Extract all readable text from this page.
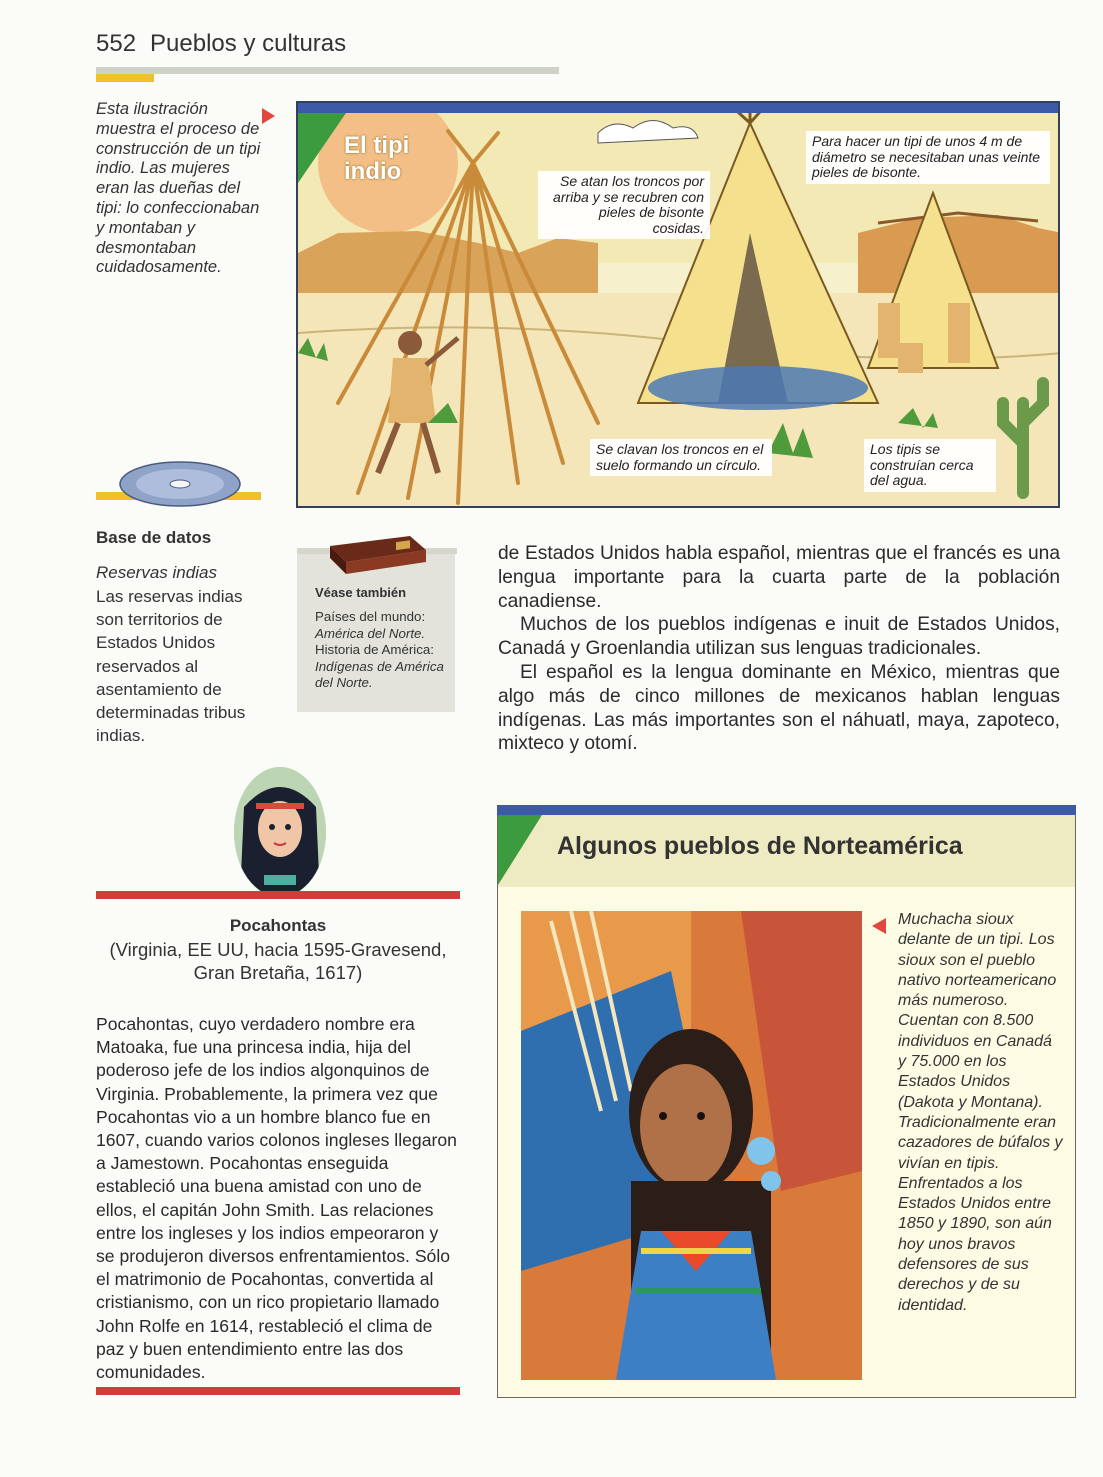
552 Pueblos y culturas
Esta ilustración muestra el proceso de construcción de un tipi indio. Las mujeres eran las dueñas del tipi: lo confeccionaban y montaban y desmontaban cuidadosamente.
El tipi
indio	Se atan los troncos por arriba y se recubren con pieles de bisonte cosidas.
Para hacer un tipi de unos 4 m de diámetro se necesitaban unas veinte pieles de bisonte.
Se clavan los troncos en el suelo formando un círculo.
Los tipis se construían cerca del agua.
Base de datos
Reservas indias
Las reservas indias son territorios de Estados Unidos reservados al asentamiento de determinadas tribus indias.
Véase también
Países del mundo:
América del Norte.
Historia de América:
Indígenas de América del Norte.

de Estados Unidos habla español, mientras que el francés es una lengua importante para la cuarta parte de la población canadiense.

Muchos de los pueblos indígenas e inuit de Estados Unidos, Canadá y Groenlandia utilizan sus lenguas tradicionales.

El español es la lengua dominante en México, mientras que algo más de cinco millones de mexicanos hablan lenguas indígenas. Las más importantes son el náhuatl, maya, zapoteco, mixteco y otomí.

Pocahontas
(Virginia, EE UU, hacia 1595-Gravesend, Gran Bretaña, 1617)
Pocahontas, cuyo verdadero nombre era Matoaka, fue una princesa india, hija del poderoso jefe de los indios algonquinos de Virginia. Probablemente, la primera vez que Pocahontas vio a un hombre blanco fue en 1607, cuando varios colonos ingleses llegaron a Jamestown. Pocahontas enseguida estableció una buena amistad con uno de ellos, el capitán John Smith. Las relaciones entre los ingleses y los indios empeoraron y se produjeron diversos enfrentamientos. Sólo el matrimonio de Pocahontas, convertida al cristianismo, con un rico propietario llamado John Rolfe en 1614, restableció el clima de paz y buen entendimiento entre las dos comunidades.
Algunos pueblos de Norteamérica
Muchacha sioux delante de un tipi. Los sioux son el pueblo nativo norteamericano más numeroso. Cuentan con 8.500 individuos en Canadá y 75.000 en los Estados Unidos (Dakota y Montana). Tradicionalmente eran cazadores de búfalos y vivían en tipis. Enfrentados a los Estados Unidos entre 1850 y 1890, son aún hoy unos bravos defensores de sus derechos y de su identidad.
